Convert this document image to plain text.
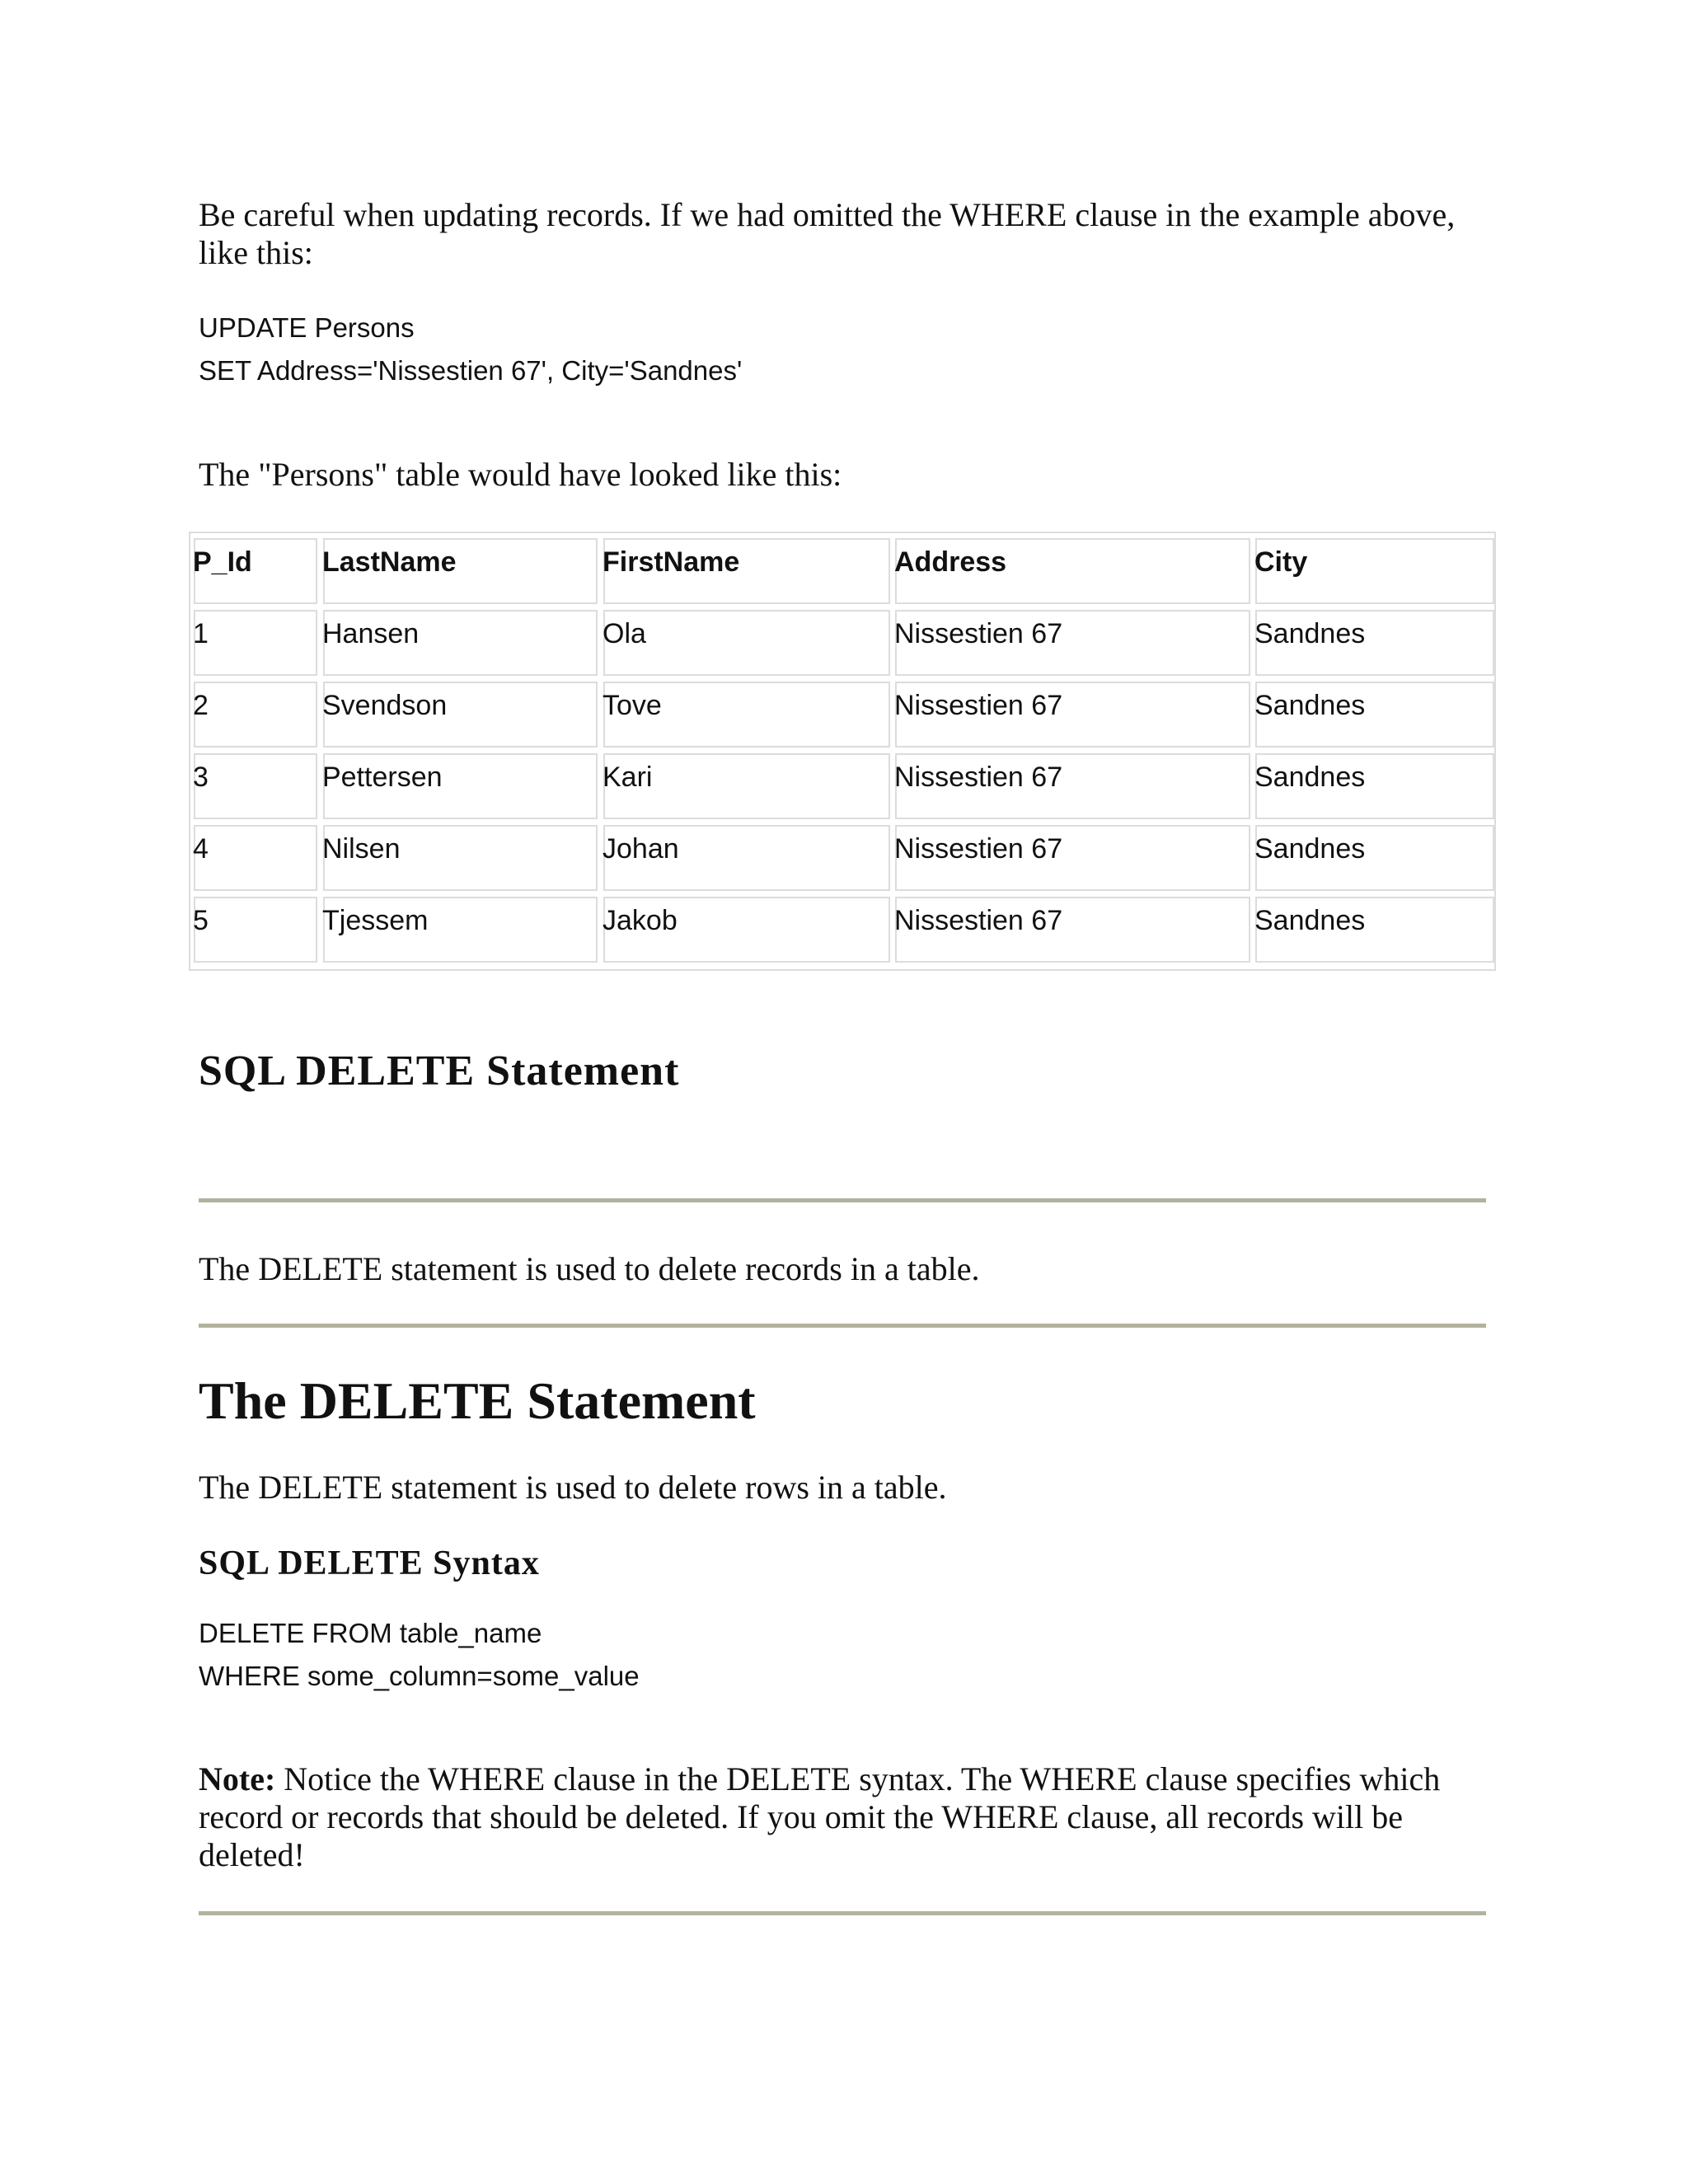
Be careful when updating records. If we had omitted the WHERE clause in the example above, like this:
UPDATE Persons
SET Address='Nissestien 67', City='Sandnes'
The "Persons" table would have looked like this:
P_Id	LastName	FirstName	Address	City
1	Hansen	Ola	Nissestien 67	Sandnes
2	Svendson	Tove	Nissestien 67	Sandnes
3	Pettersen	Kari	Nissestien 67	Sandnes
4	Nilsen	Johan	Nissestien 67	Sandnes
5	Tjessem	Jakob	Nissestien 67	Sandnes
SQL DELETE Statement
The DELETE statement is used to delete records in a table.
The DELETE Statement
The DELETE statement is used to delete rows in a table.
SQL DELETE Syntax
DELETE FROM table_name
WHERE some_column=some_value
Note: Notice the WHERE clause in the DELETE syntax. The WHERE clause specifies which record or records that should be deleted. If you omit the WHERE clause, all records will be deleted!
